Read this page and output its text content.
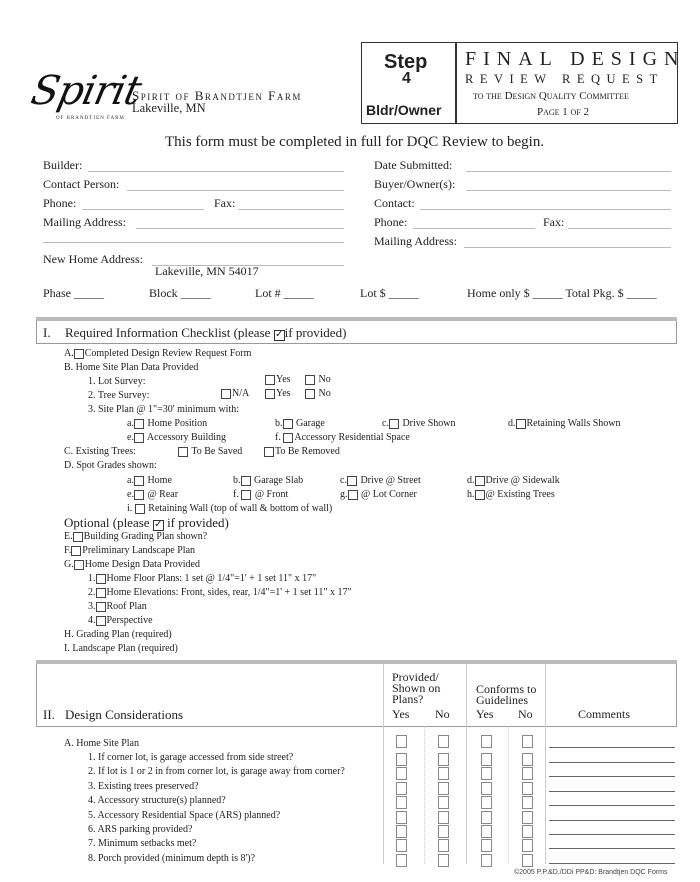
Spirit
OF BRANDTJEN FARM
Spirit of Brandtjen Farm
Lakeville, MN
Step
4
Bldr/Owner
FINAL DESIGN
REVIEW REQUEST
to the Design Quality Committee
Page 1 of 2
This form must be completed in full for DQC Review to begin.
Builder:
Contact Person:
Phone:	Fax:
Mailing Address:
New Home Address:
Lakeville, MN 54017
Date Submitted:
Buyer/Owner(s):
Contact:
Phone:	Fax:
Mailing Address:
Phase _____	Block _____	Lot # _____	Lot $ _____	Home only $ _____ Total Pkg. $ _____
I. Required Information Checklist (please ✓if provided)
A. Completed Design Review Request Form
B. Home Site Plan Data Provided
1. Lot Survey:	Yes	No
2. Tree Survey:	N/A	Yes	No
3. Site Plan @ 1"=30' minimum with:
a. Home Position	b. Garage	c. Drive Shown	d. Retaining Walls Shown
e. Accessory Building	f. Accessory Residential Space
C. Existing Trees:	To Be Saved	To Be Removed
D. Spot Grades shown:
a. Home	b. Garage Slab	c. Drive @ Street	d. Drive @ Sidewalk
e. @ Rear	f.  @ Front	g. @ Lot Corner	h. @ Existing Trees
i.  Retaining Wall (top of wall & bottom of wall)
Optional (please ✓ if provided)
E. Building Grading Plan shown?
F. Preliminary Landscape Plan
G. Home Design Data Provided
1. Home Floor Plans: 1 set @ 1/4"=1' + 1 set 11" x 17"
2. Home Elevations: Front, sides, rear, 1/4"=1' + 1 set 11" x 17"
3. Roof Plan
4. Perspective
H. Grading Plan (required)
I. Landscape Plan (required)
II. Design Considerations
Provided/
Shown on
Plans?
Yes No
Conforms to
Guidelines
Yes No	Comments
A. Home Site Plan
1. If corner lot, is garage accessed from side street?
2. If lot is 1 or 2 in from corner lot, is garage away from corner?
3. Existing trees preserved?
4. Accessory structure(s) planned?
5. Accessory Residential Space (ARS) planned?
6. ARS parking provided?
7. Minimum setbacks met?
8. Porch provided (minimum depth is 8')?
©2005 P.P.&D./DDi PP&D: Brandtjen DQC Forms
